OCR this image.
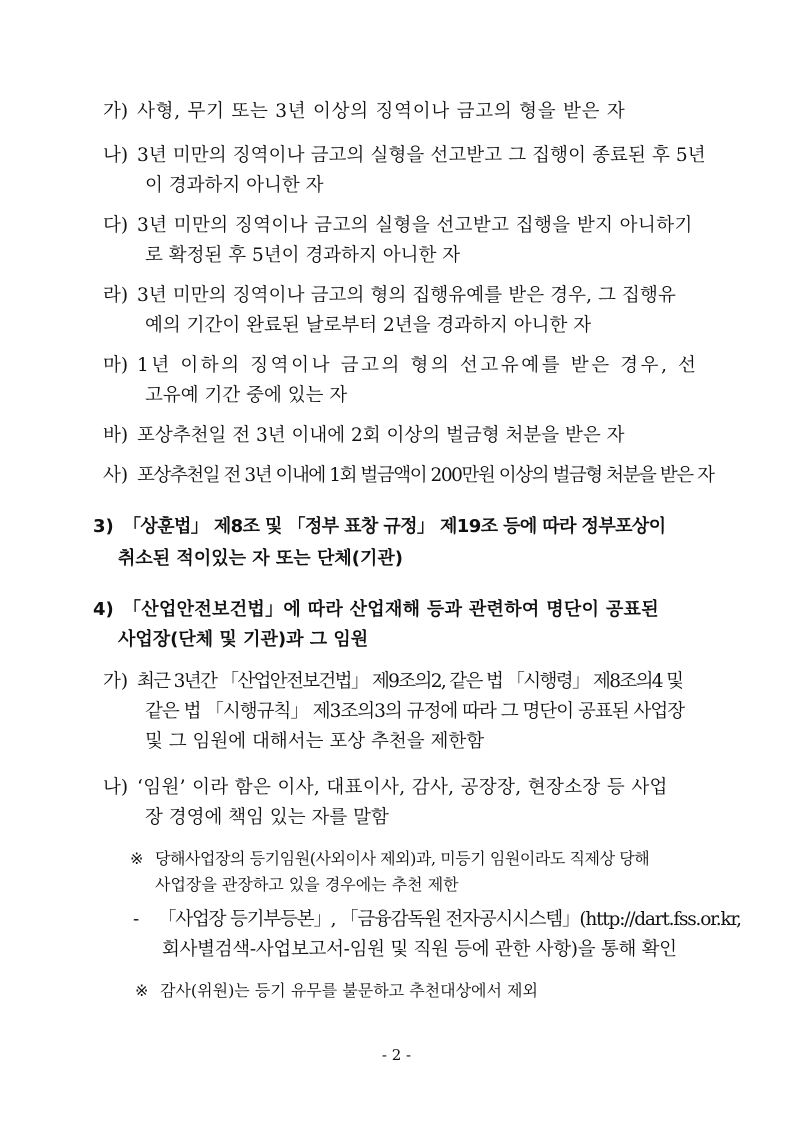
가) 사형, 무기 또는 3년 이상의 징역이나 금고의 형을 받은 자
나) 3년 미만의 징역이나 금고의 실형을 선고받고 그 집행이 종료된 후 5년
이 경과하지 아니한 자
다) 3년 미만의 징역이나 금고의 실형을 선고받고 집행을 받지 아니하기
로 확정된 후 5년이 경과하지 아니한 자
라) 3년 미만의 징역이나 금고의 형의 집행유예를 받은 경우, 그 집행유
예의 기간이 완료된 날로부터 2년을 경과하지 아니한 자
마) 1년 이하의 징역이나 금고의 형의 선고유예를 받은 경우, 선
고유예 기간 중에 있는 자
바) 포상추천일 전 3년 이내에 2회 이상의 벌금형 처분을 받은 자
사) 포상추천일 전 3년 이내에 1회 벌금액이 200만원 이상의 벌금형 처분을 받은 자
3) 「상훈법」 제8조 및 「정부 표창 규정」 제19조 등에 따라 정부포상이
취소된 적이있는 자 또는 단체(기관)
4) 「산업안전보건법」에 따라 산업재해 등과 관련하여 명단이 공표된
사업장(단체 및 기관)과 그 임원
가) 최근 3년간 「산업안전보건법」 제9조의2, 같은 법 「시행령」 제8조의4 및
같은 법 「시행규칙」 제3조의3의 규정에 따라 그 명단이 공표된 사업장
및 그 임원에 대해서는 포상 추천을 제한함
나) ‘임원’ 이라 함은 이사, 대표이사, 감사, 공장장, 현장소장 등 사업
장 경영에 책임 있는 자를 말함
※ 당해사업장의 등기임원(사외이사 제외)과, 미등기 임원이라도 직제상 당해
사업장을 관장하고 있을 경우에는 추천 제한
- 「사업장 등기부등본」, 「금융감독원 전자공시시스템」(http://dart.fss.or.kr,
회사별검색-사업보고서-임원 및 직원 등에 관한 사항)을 통해 확인
※ 감사(위원)는 등기 유무를 불문하고 추천대상에서 제외
- 2 -
